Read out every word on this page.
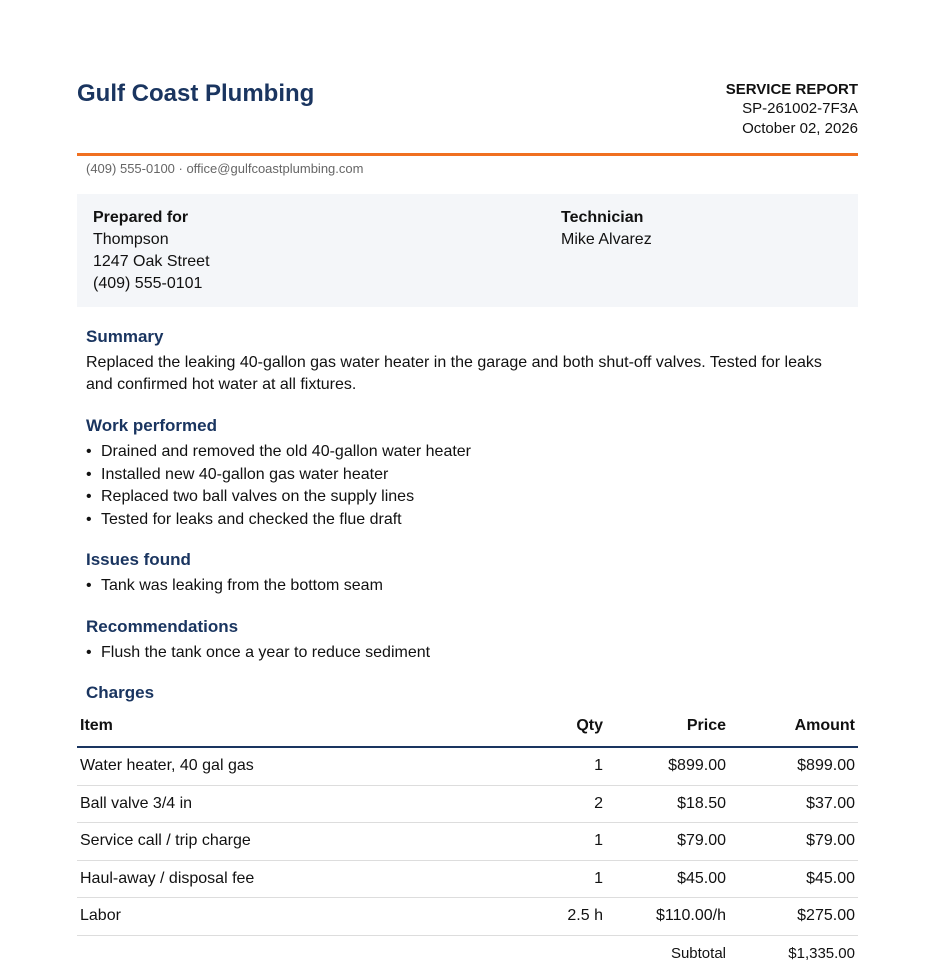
Gulf Coast Plumbing	SERVICE REPORT
SP-261002-7F3A
October 02, 2026
(409) 555-0100 · office@gulfcoastplumbing.com
Prepared for
Thompson
1247 Oak Street
(409) 555-0101
Technician
Mike Alvarez
Summary
Replaced the leaking 40-gallon gas water heater in the garage and both shut-off valves. Tested for leaks and confirmed hot water at all fixtures.
Work performed
• Drained and removed the old 40-gallon water heater
• Installed new 40-gallon gas water heater
• Replaced two ball valves on the supply lines
• Tested for leaks and checked the flue draft
Issues found
• Tank was leaking from the bottom seam
Recommendations
• Flush the tank once a year to reduce sediment
Charges
Item	Qty	Price	Amount
Water heater, 40 gal gas	1	$899.00	$899.00
Ball valve 3/4 in	2	$18.50	$37.00
Service call / trip charge	1	$79.00	$79.00
Haul-away / disposal fee	1	$45.00	$45.00
Labor	2.5 h	$110.00/h	$275.00
		Subtotal	$1,335.00
